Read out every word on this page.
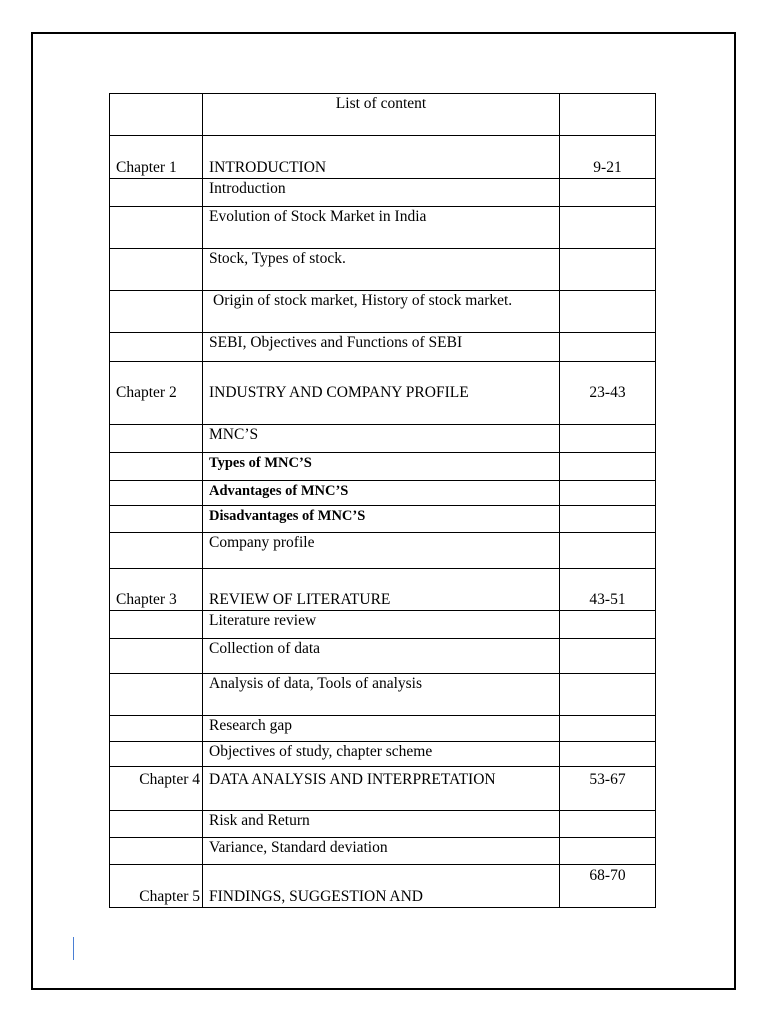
	List of content	
Chapter 1	INTRODUCTION	9-21
	Introduction	
	Evolution of Stock Market in India	
	Stock, Types of stock.	
	Origin of stock market, History of stock market.	
	SEBI, Objectives and Functions of SEBI	
Chapter 2	INDUSTRY AND COMPANY PROFILE	23-43
	MNC’S	
	Types of MNC’S	
	Advantages of MNC’S	
	Disadvantages of MNC’S	
	Company profile	
Chapter 3	REVIEW OF LITERATURE	43-51
	Literature review	
	Collection of data	
	Analysis of data, Tools of analysis	
	Research gap	
	Objectives of study, chapter scheme	
Chapter 4	DATA ANALYSIS AND INTERPRETATION	53-67
	Risk and Return	
	Variance, Standard deviation	
Chapter 5	FINDINGS, SUGGESTION AND	68-70
